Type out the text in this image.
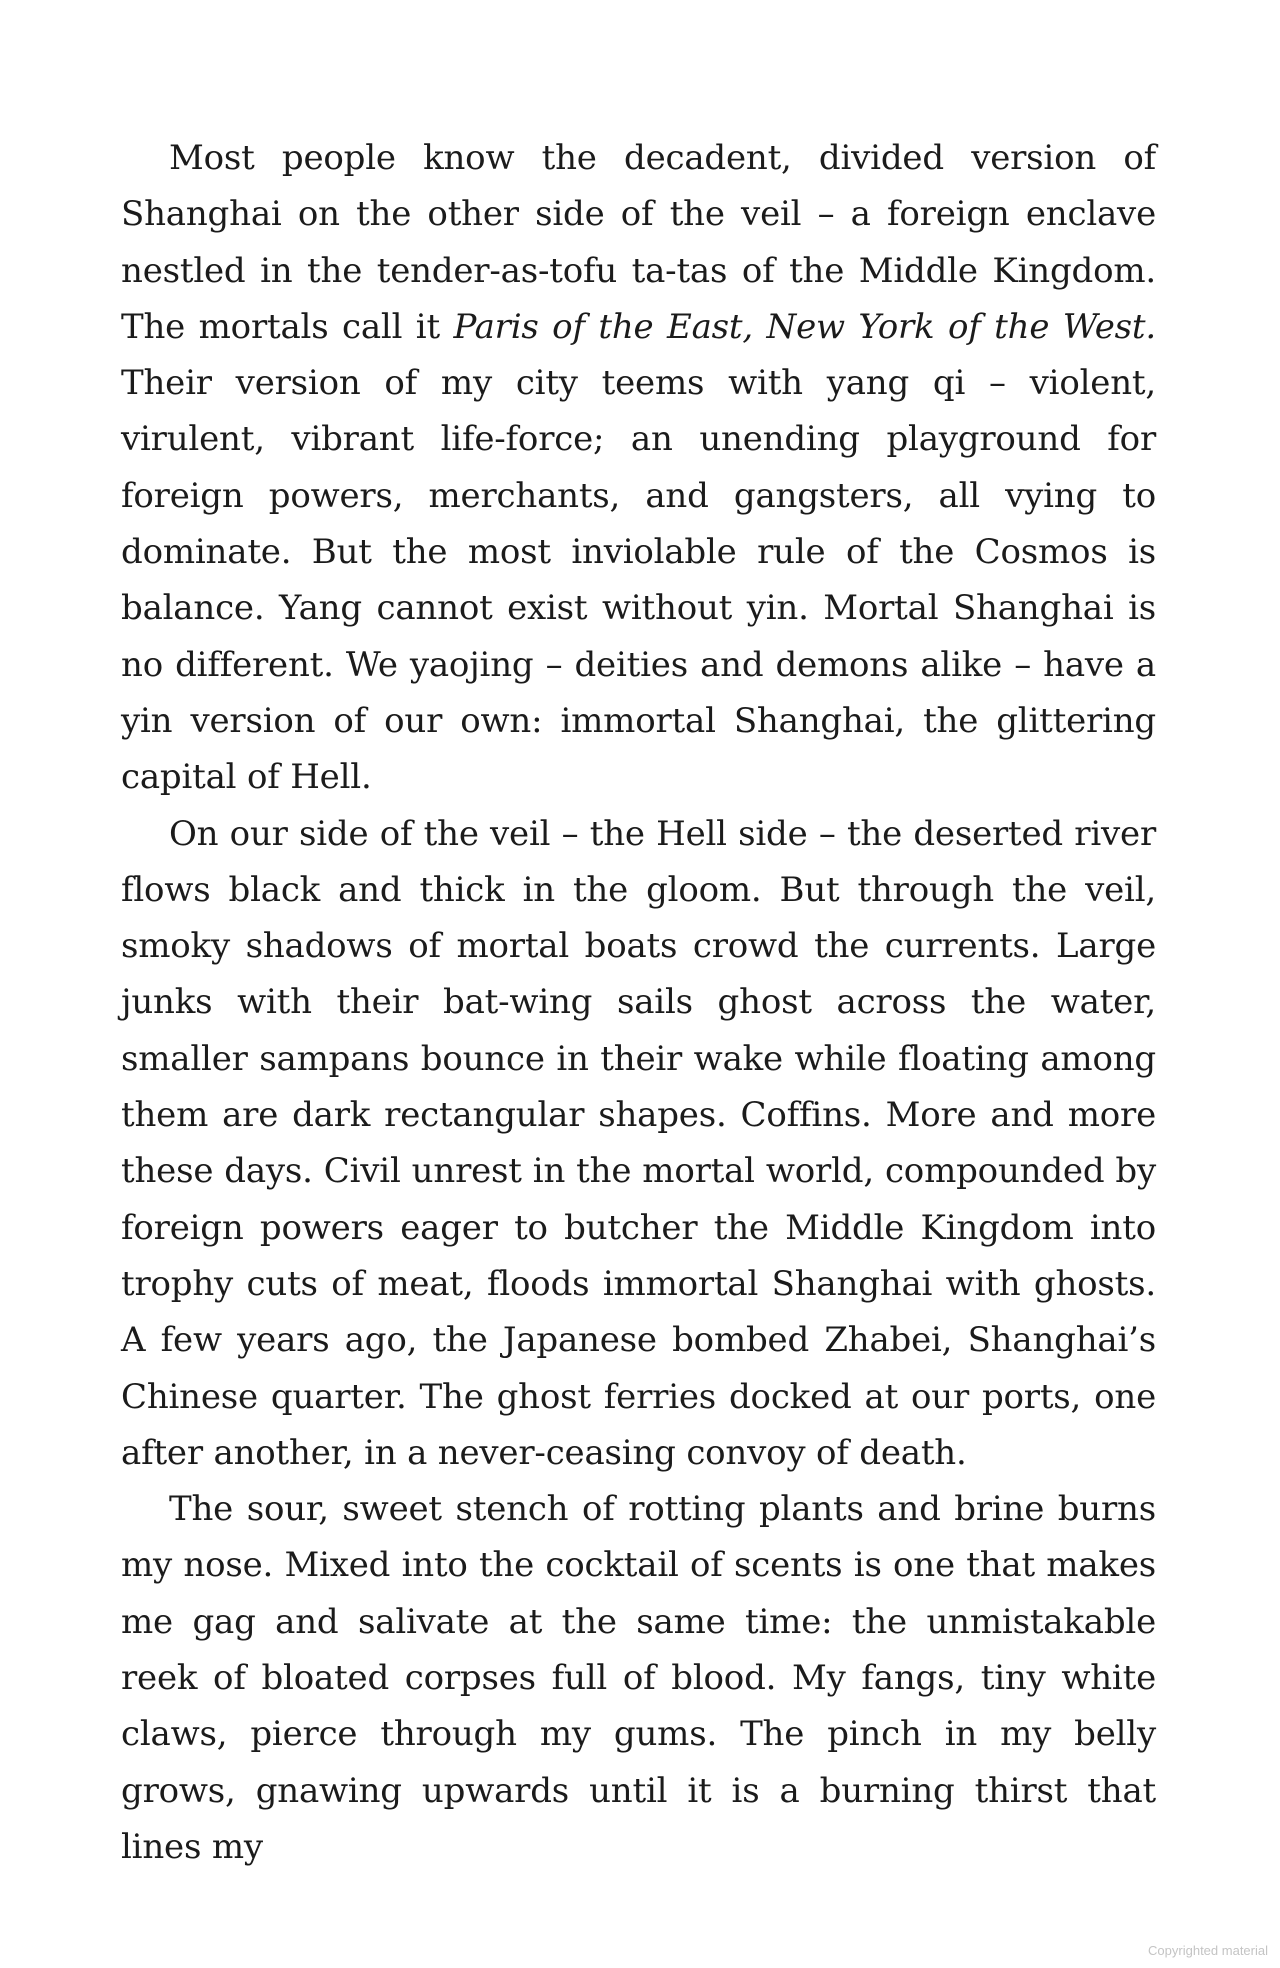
Most people know the decadent, divided version of Shanghai on the other side of the veil – a foreign enclave nestled in the tender-as-tofu ta-tas of the Middle Kingdom. The mortals call it Paris of the East, New York of the West. Their version of my city teems with yang qi – violent, virulent, vibrant life-force; an unending playground for foreign powers, merchants, and gangsters, all vying to dominate. But the most inviolable rule of the Cosmos is balance. Yang cannot exist without yin. Mortal Shanghai is no different. We yaojing – deities and demons alike – have a yin version of our own: immortal Shanghai, the glittering capital of Hell.

On our side of the veil – the Hell side – the deserted river flows black and thick in the gloom. But through the veil, smoky shadows of mortal boats crowd the currents. Large junks with their bat-wing sails ghost across the water, smaller sampans bounce in their wake while floating among them are dark rectangular shapes. Coffins. More and more these days. Civil unrest in the mortal world, compounded by foreign powers eager to butcher the Middle Kingdom into trophy cuts of meat, floods immortal Shanghai with ghosts. A few years ago, the Japanese bombed Zhabei, Shanghai’s Chinese quarter. The ghost ferries docked at our ports, one after another, in a never-ceasing convoy of death.

The sour, sweet stench of rotting plants and brine burns my nose. Mixed into the cocktail of scents is one that makes me gag and salivate at the same time: the unmistakable reek of bloated corpses full of blood. My fangs, tiny white claws, pierce through my gums. The pinch in my belly grows, gnawing upwards until it is a burning thirst that lines my

Copyrighted material
